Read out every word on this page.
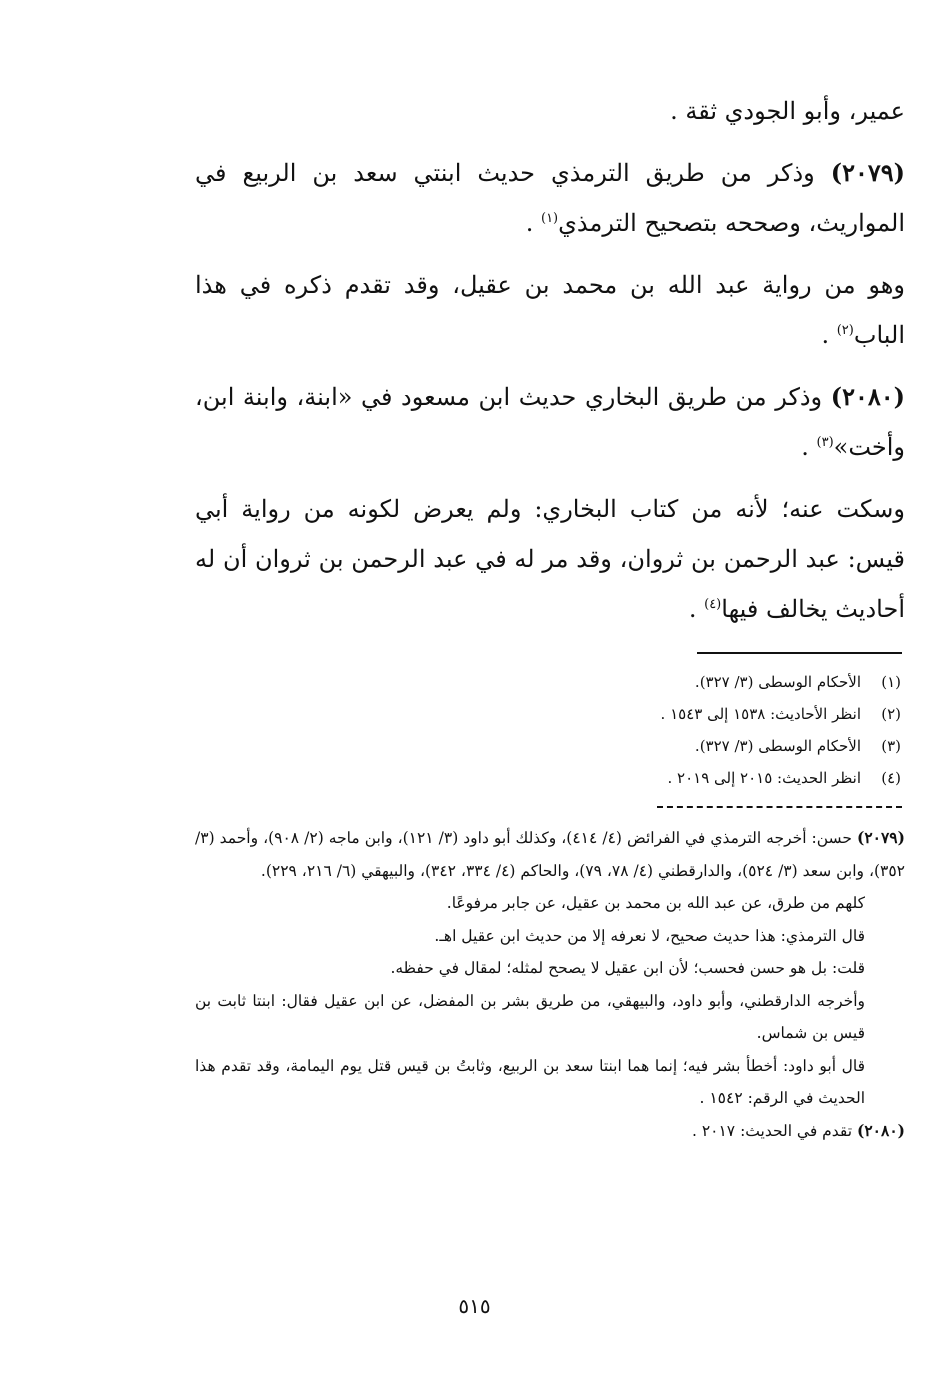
عمير، وأبو الجودي ثقة .

(٢٠٧٩) وذكر من طريق الترمذي حديث ابنتي سعد بن الربيع في المواريث، وصححه بتصحيح الترمذي$^{(١)}$ .

وهو من رواية عبد الله بن محمد بن عقيل، وقد تقدم ذكره في هذا الباب$^{(٢)}$ .

(٢٠٨٠) وذكر من طريق البخاري حديث ابن مسعود في «ابنة، وابنة ابن، وأخت»$^{(٣)}$ .

وسكت عنه؛ لأنه من كتاب البخاري: ولم يعرض لكونه من رواية أبي قيس: عبد الرحمن بن ثروان، وقد مر له في عبد الرحمن بن ثروان أن له أحاديث يخالف فيها$^{(٤)}$ .

(١)الأحكام الوسطى (٣/ ٣٢٧).
(٢)انظر الأحاديث: ١٥٣٨ إلى ١٥٤٣ .
(٣)الأحكام الوسطى (٣/ ٣٢٧).
(٤)انظر الحديث: ٢٠١٥ إلى ٢٠١٩ .

(٢٠٧٩) حسن: أخرجه الترمذي في الفرائض (٤/ ٤١٤)، وكذلك أبو داود (٣/ ١٢١)، وابن ماجه (٢/ ٩٠٨)، وأحمد (٣/ ٣٥٢)، وابن سعد (٣/ ٥٢٤)، والدارقطني (٤/ ٧٨، ٧٩)، والحاكم (٤/ ٣٣٤، ٣٤٢)، والبيهقي (٦/ ٢١٦، ٢٢٩).

كلهم من طرق، عن عبد الله بن محمد بن عقيل، عن جابر مرفوعًا.

قال الترمذي: هذا حديث صحيح، لا نعرفه إلا من حديث ابن عقيل اهـ.

قلت: بل هو حسن فحسب؛ لأن ابن عقيل لا يصحح لمثله؛ لمقال في حفظه.

وأخرجه الدارقطني، وأبو داود، والبيهقي، من طريق بشر بن المفضل، عن ابن عقيل فقال: ابنتا ثابت بن قيس بن شماس.

قال أبو داود: أخطأ بشر فيه؛ إنما هما ابنتا سعد بن الربيع، وثابتُ بن قيس قتل يوم اليمامة، وقد تقدم هذا الحديث في الرقم: ١٥٤٢ .

(٢٠٨٠) تقدم في الحديث: ٢٠١٧ .

٥١٥
